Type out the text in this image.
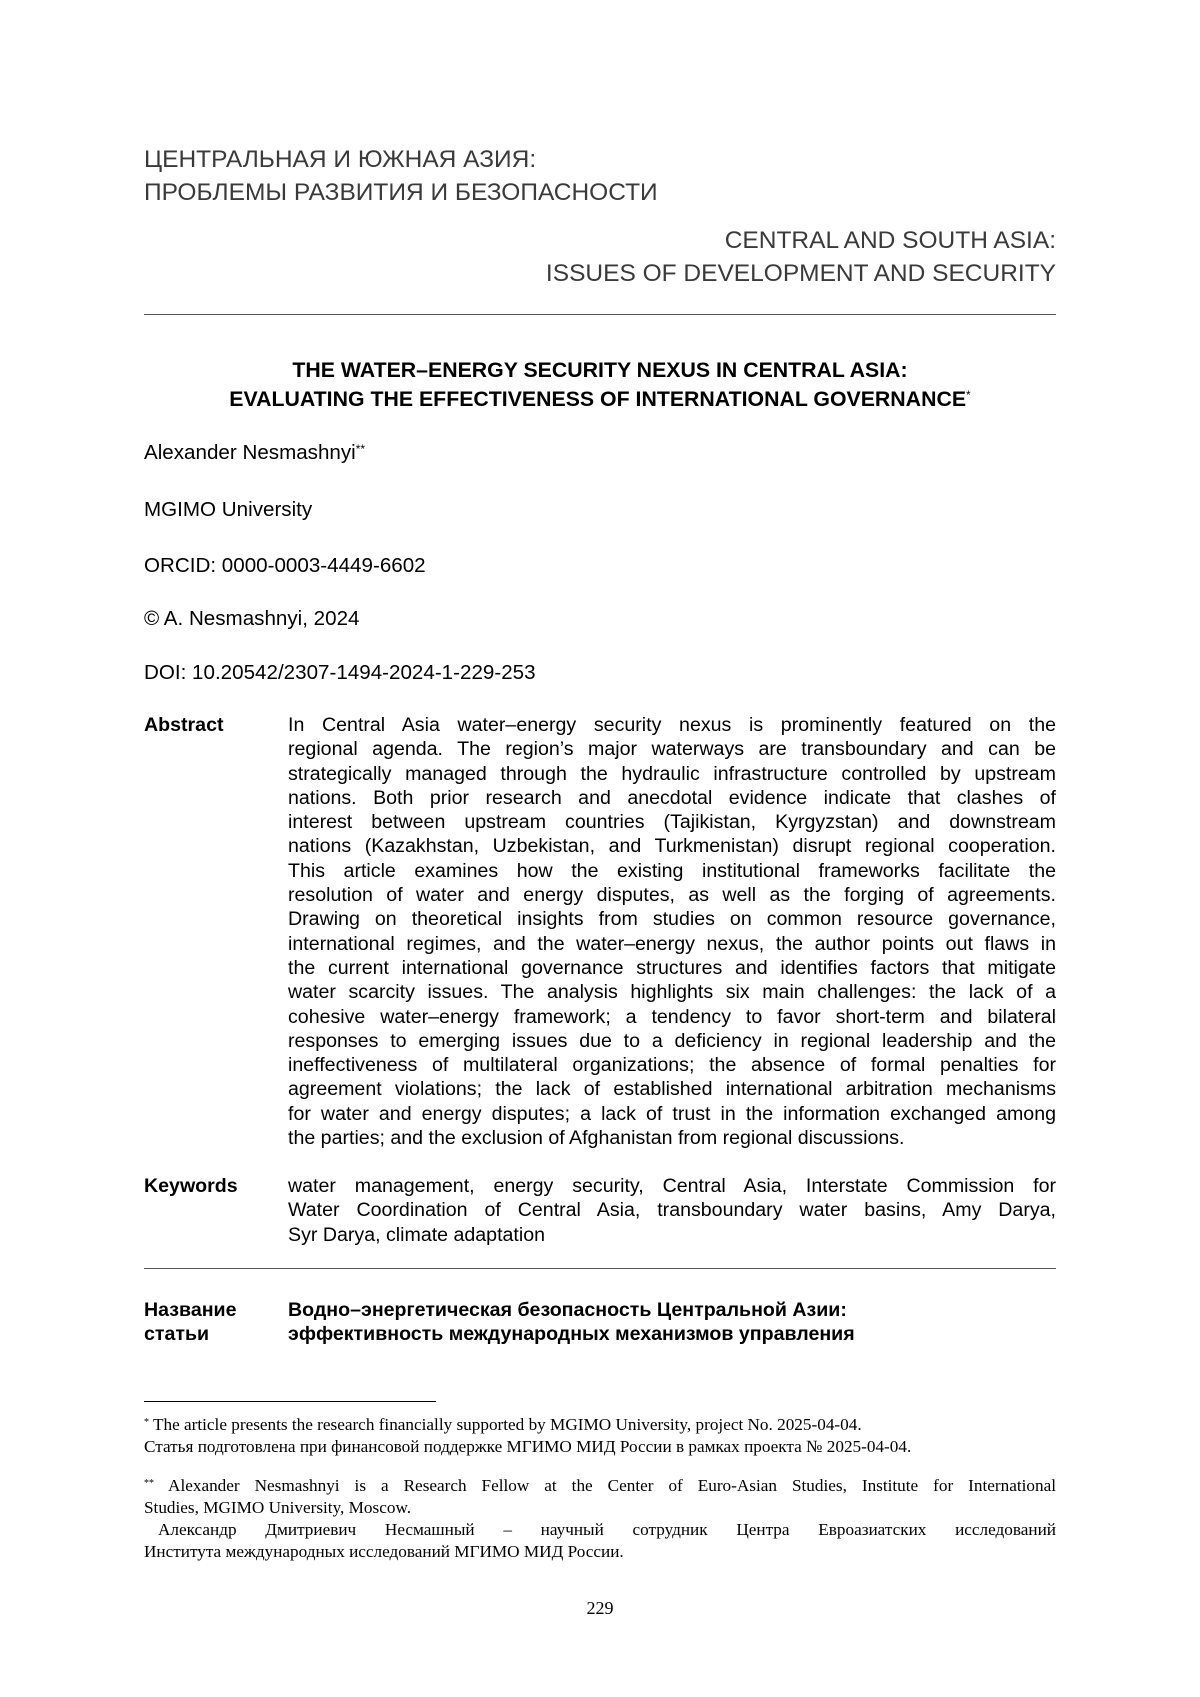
ЦЕНТРАЛЬНАЯ И ЮЖНАЯ АЗИЯ:
ПРОБЛЕМЫ РАЗВИТИЯ И БЕЗОПАСНОСТИ
CENTRAL AND SOUTH ASIA:
ISSUES OF DEVELOPMENT AND SECURITY
THE WATER–ENERGY SECURITY NEXUS IN CENTRAL ASIA:
EVALUATING THE EFFECTIVENESS OF INTERNATIONAL GOVERNANCE*
Alexander Nesmashnyi**
MGIMO University
ORCID: 0000-0003-4449-6602
© A. Nesmashnyi, 2024
DOI: 10.20542/2307-1494-2024-1-229-253
Abstract	In Central Asia water–energy security nexus is prominently featured on the
regional agenda. The region’s major waterways are transboundary and can be
strategically managed through the hydraulic infrastructure controlled by upstream
nations. Both prior research and anecdotal evidence indicate that clashes of
interest between upstream countries (Tajikistan, Kyrgyzstan) and downstream
nations (Kazakhstan, Uzbekistan, and Turkmenistan) disrupt regional cooperation.
This article examines how the existing institutional frameworks facilitate the
resolution of water and energy disputes, as well as the forging of agreements.
Drawing on theoretical insights from studies on common resource governance,
international regimes, and the water–energy nexus, the author points out flaws in
the current international governance structures and identifies factors that mitigate
water scarcity issues. The analysis highlights six main challenges: the lack of a
cohesive water–energy framework; a tendency to favor short-term and bilateral
responses to emerging issues due to a deficiency in regional leadership and the
ineffectiveness of multilateral organizations; the absence of formal penalties for
agreement violations; the lack of established international arbitration mechanisms
for water and energy disputes; a lack of trust in the information exchanged among
the parties; and the exclusion of Afghanistan from regional discussions.
Keywords	water management, energy security, Central Asia, Interstate Commission for
Water Coordination of Central Asia, transboundary water basins, Amy Darya,
Syr Darya, climate adaptation
Название
статьи
Водно–энергетическая безопасность Центральной Азии:
эффективность международных механизмов управления
* The article presents the research financially supported by MGIMO University, project No. 2025-04-04.
Статья подготовлена при финансовой поддержке МГИМО МИД России в рамках проекта № 2025-04-04.
** Alexander Nesmashnyi is a Research Fellow at the Center of Euro-Asian Studies, Institute for International
Studies, MGIMO University, Moscow.
Александр Дмитриевич Несмашный – научный сотрудник Центра Евроазиатских исследований
Института международных исследований МГИМО МИД России.
229
